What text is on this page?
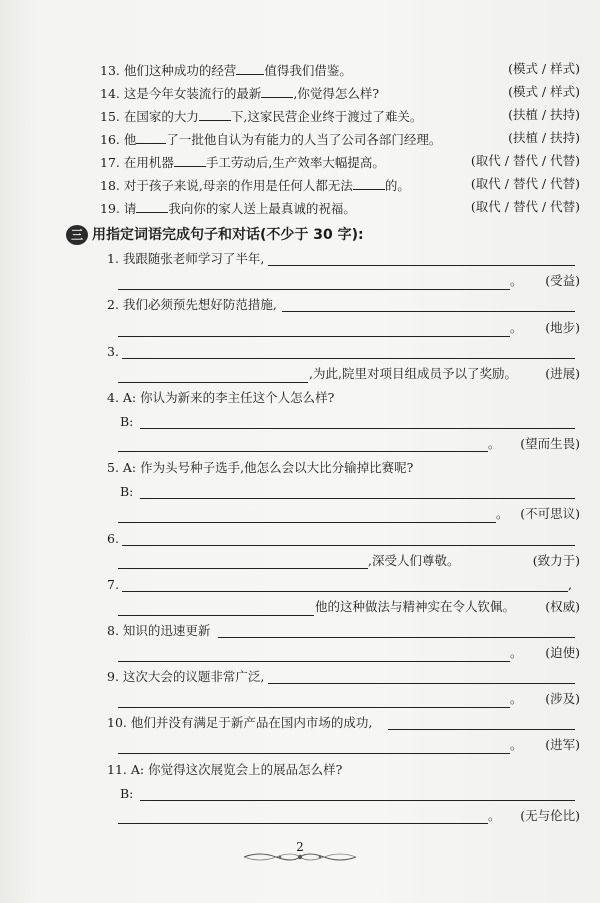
13. 他们这种成功的经营 值得我们借鉴。	(模式 / 样式)
14. 这是今年女装流行的最新	,你觉得怎么样?	(模式 / 样式)
15. 在国家的大力	下,这家民营企业终于渡过了难关。	(扶植 / 扶持)
16. 他 了一批他自认为有能力的人当了公司各部门经理。	(扶植 / 扶持)
17. 在用机器	手工劳动后,生产效率大幅提高。	(取代 / 替代 / 代替)
18. 对于孩子来说,母亲的作用是任何人都无法	的。	(取代 / 替代 / 代替)
19. 请	我向你的家人送上最真诚的祝福。	(取代 / 替代 / 代替)
三 用指定词语完成句子和对话(不少于 30 字):
1. 我跟随张老师学习了半年,
。 (受益)
2. 我们必须预先想好防范措施,
。 (地步)
3.
,为此,院里对项目组成员予以了奖励。 (进展)
4. A: 你认为新来的李主任这个人怎么样?
B:
。 (望而生畏)
5. A: 作为头号种子选手,他怎么会以大比分输掉比赛呢?
B:
。 (不可思议)
6.
,深受人们尊敬。	(致力于)
7.	,
他的这种做法与精神实在令人钦佩。 (权威)
8. 知识的迅速更新
。 (迫使)
9. 这次大会的议题非常广泛,
。 (涉及)
10. 他们并没有满足于新产品在国内市场的成功,
。 (进军)
11. A: 你觉得这次展览会上的展品怎么样?
B:
。 (无与伦比)
2
